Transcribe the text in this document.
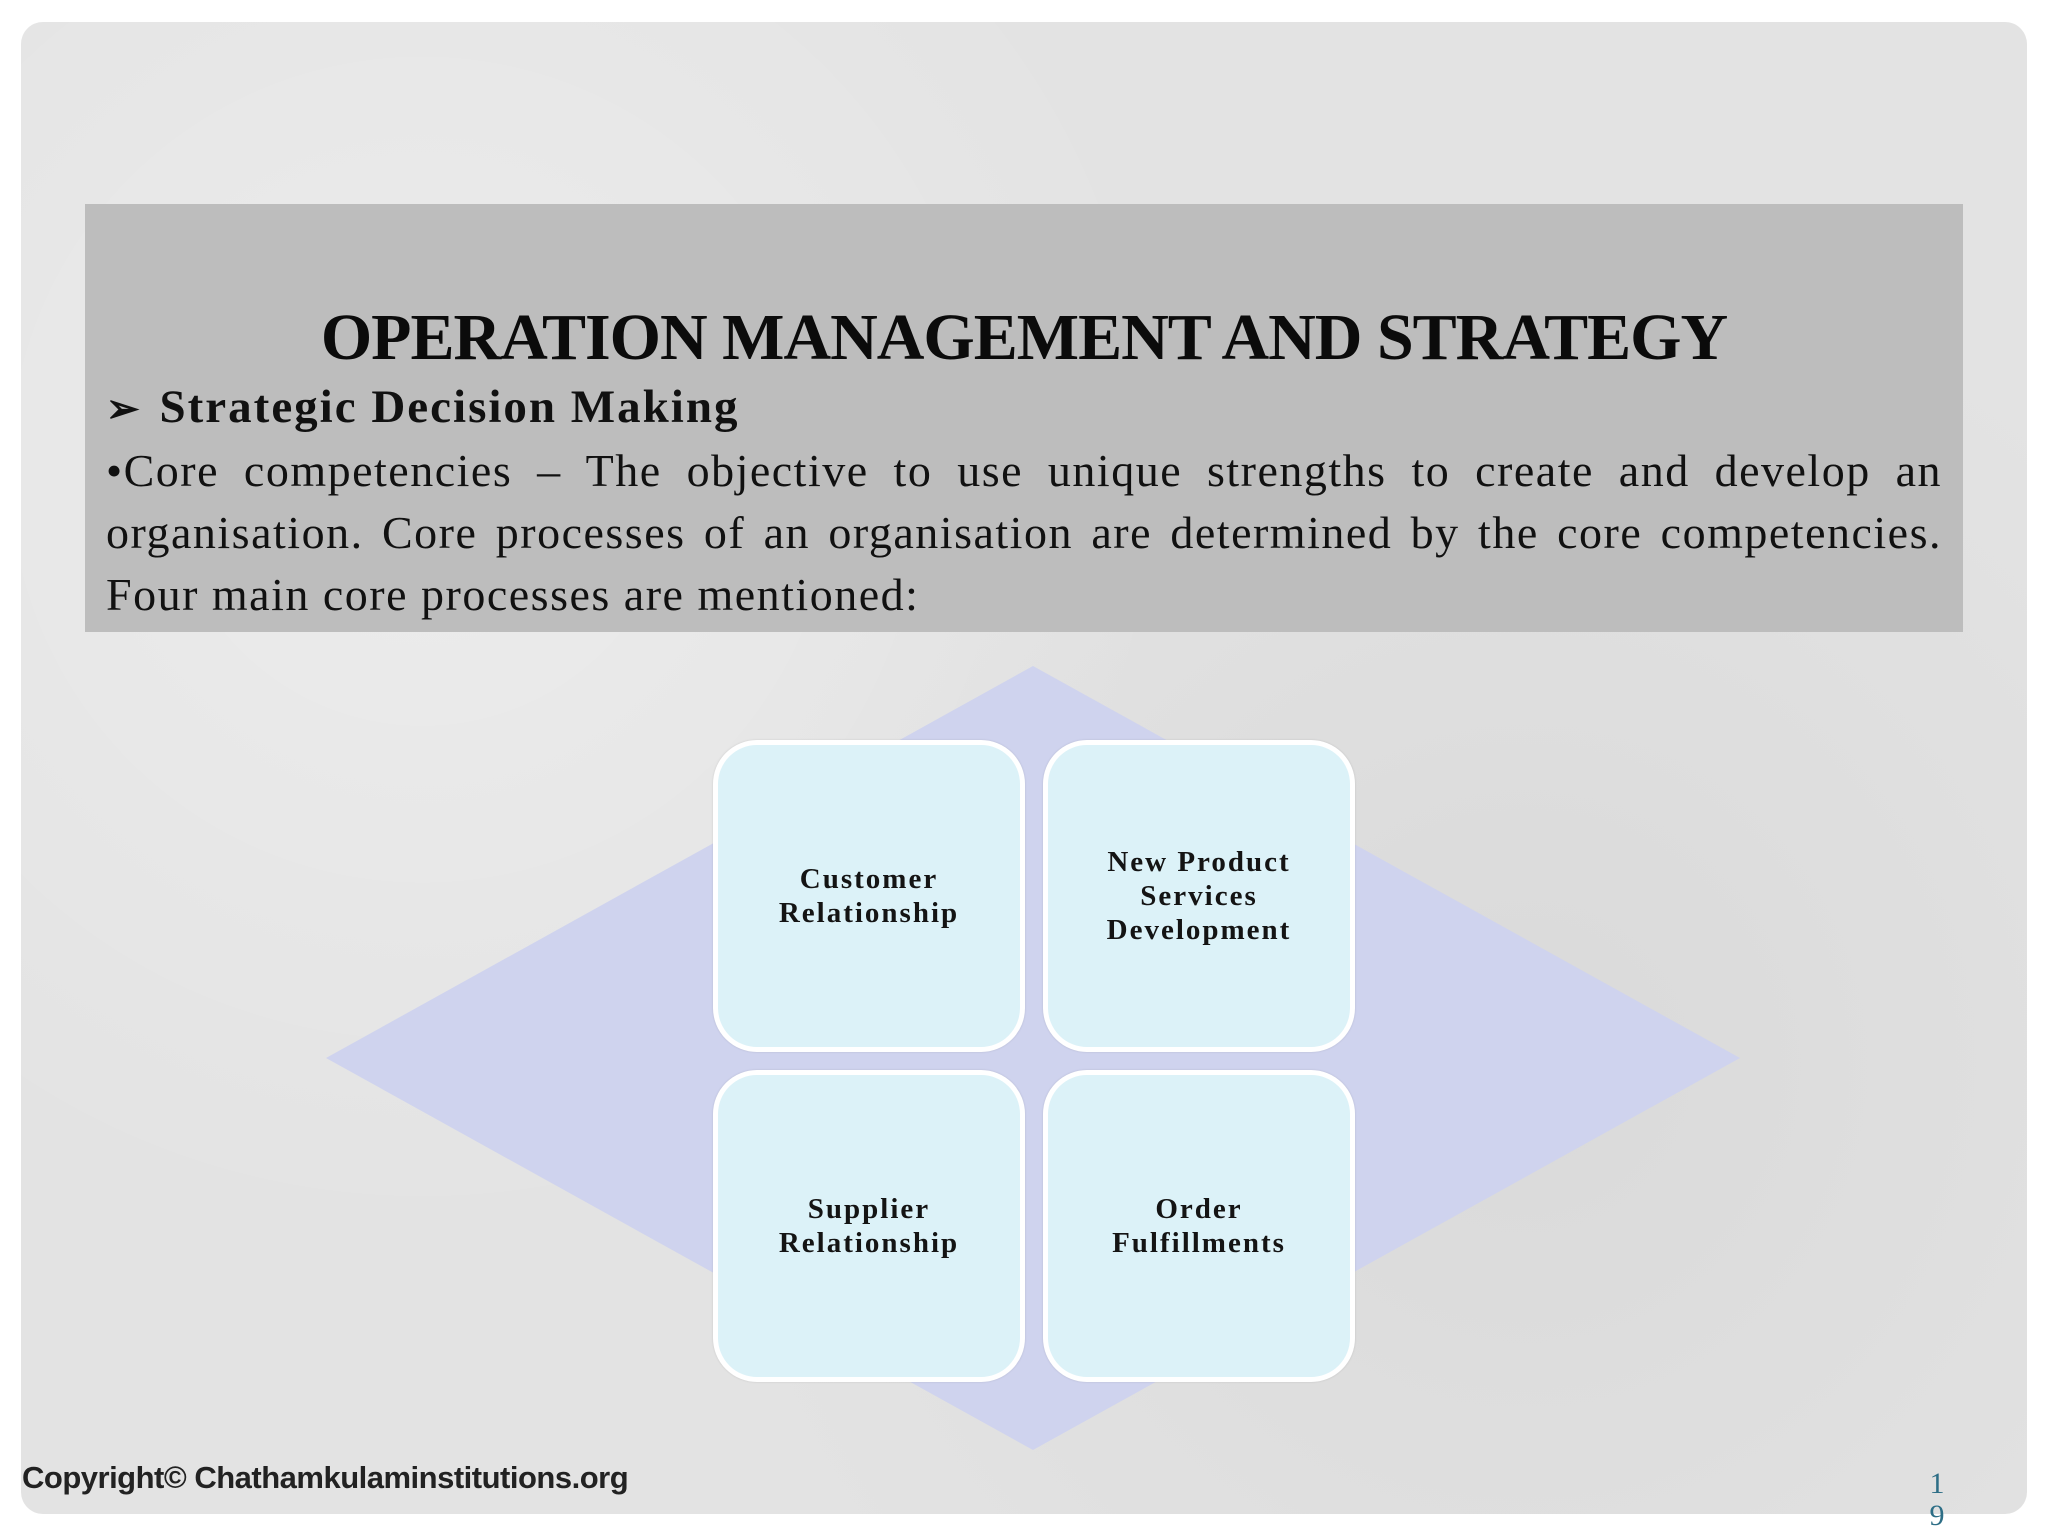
OPERATION MANAGEMENT AND STRATEGY
➢ Strategic Decision Making
•Core competencies – The objective to use unique strengths to create and develop an organisation. Core processes of an organisation are determined by the core competencies. Four main core processes are mentioned:
Customer
Relationship
New Product
Services
Development
Supplier
Relationship
Order
Fulfillments
Copyright© Chathamkulaminstitutions.org	19
